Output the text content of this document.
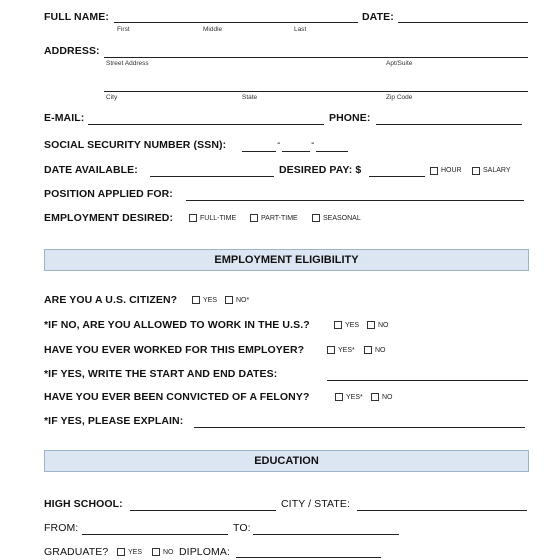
FULL NAME:
First	Middle	Last
DATE:
ADDRESS:
Street Address	Apt/Suite
City	State	Zip Code
E-MAIL:	PHONE:
SOCIAL SECURITY NUMBER (SSN):	-	-
DATE AVAILABLE:	DESIRED PAY: $	HOUR	SALARY
POSITION APPLIED FOR:
EMPLOYMENT DESIRED:	FULL-TIME	PART-TIME	SEASONAL
EMPLOYMENT ELIGIBILITY
ARE YOU A U.S. CITIZEN?	YES	NO*
*IF NO, ARE YOU ALLOWED TO WORK IN THE U.S.?	YES	NO
HAVE YOU EVER WORKED FOR THIS EMPLOYER?	YES*	NO
*IF YES, WRITE THE START AND END DATES:
HAVE YOU EVER BEEN CONVICTED OF A FELONY?	YES*	NO
*IF YES, PLEASE EXPLAIN:
EDUCATION
HIGH SCHOOL:	CITY / STATE:
FROM:	TO:
GRADUATE?	YES	NO DIPLOMA:
